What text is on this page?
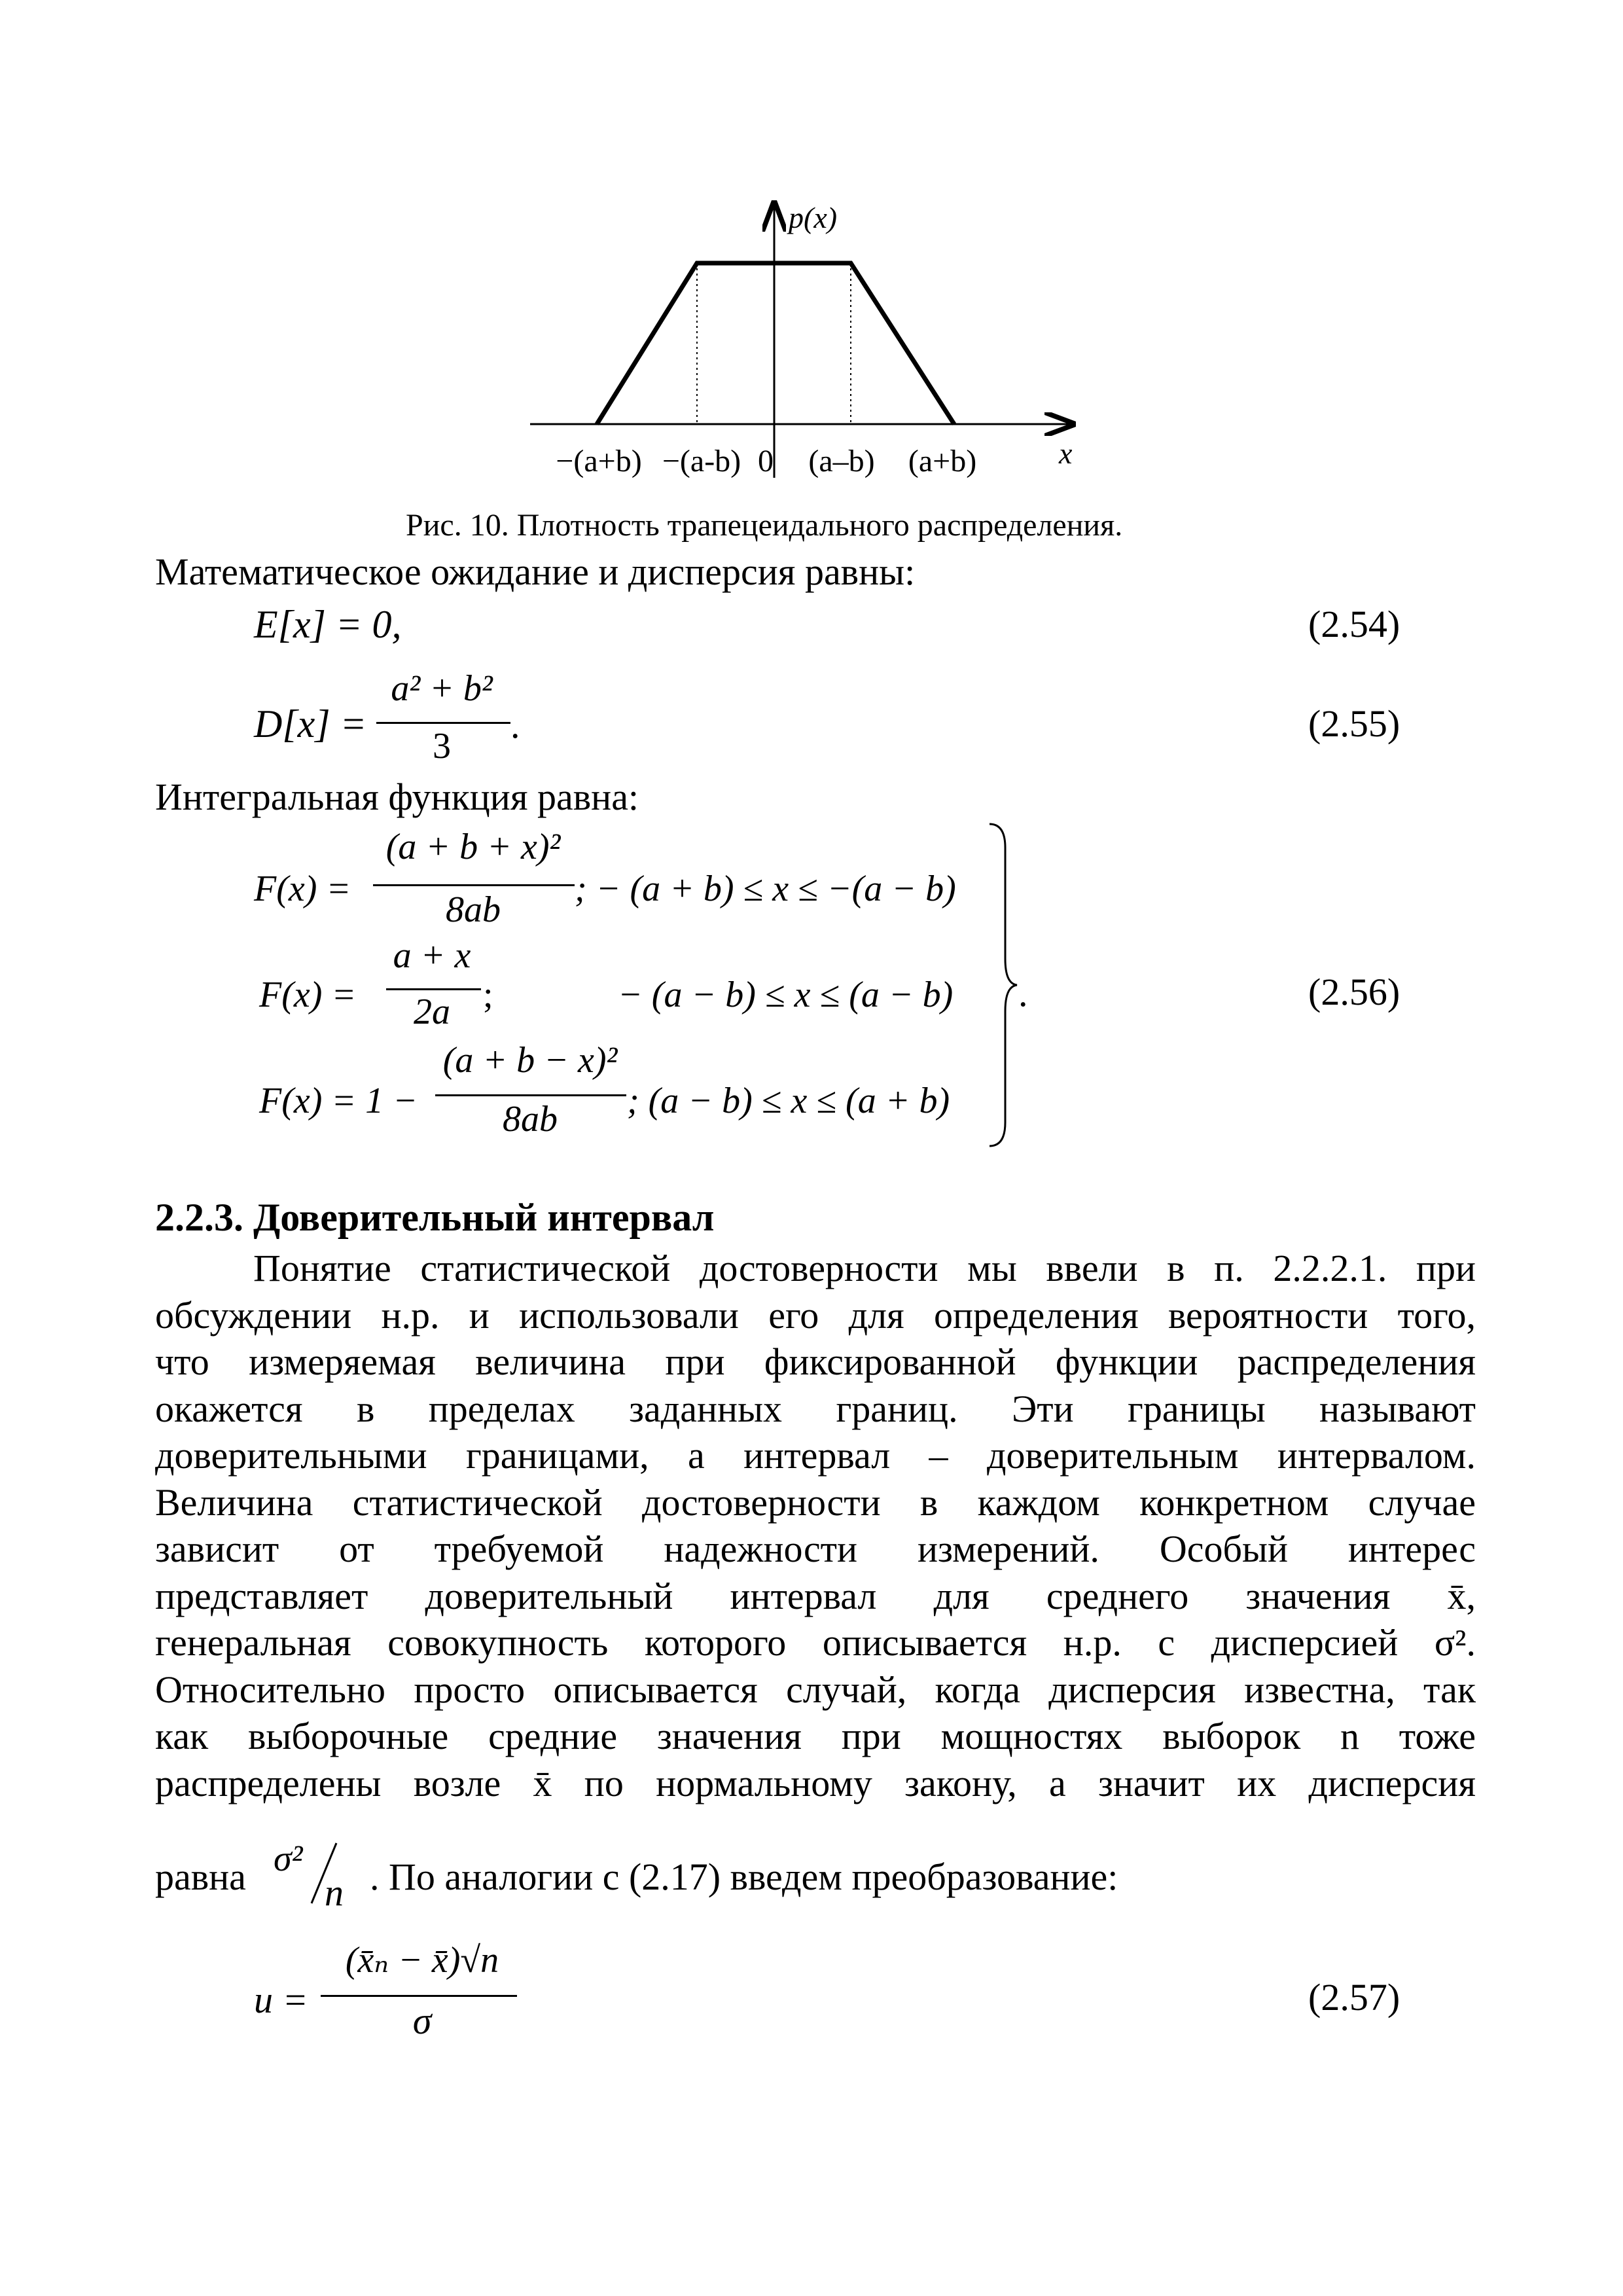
p(x)
x
−(a+b) −(a-b) 0 (a–b) (a+b)
Рис. 10. Плотность трапецеидального распределения.
Математическое ожидание и дисперсия равны:
E[x] = 0,	(2.54)
D[x] =
a² + b²
3	.	(2.55)
Интегральная функция равна:
F(x) =
(a + b + x)²
8ab
; − (a + b) ≤ x ≤ −(a − b)
F(x) =
a + x
2a ;	− (a − b) ≤ x ≤ (a − b)
F(x) = 1 −
(a + b − x)²
8ab	; (a − b) ≤ x ≤ (a + b)
.	(2.56)
2.2.3. Доверительный интервал
Понятие статистической достоверности мы ввели в п. 2.2.2.1. при
обсуждении н.р. и использовали его для определения вероятности того,
что измеряемая величина при фиксированной функции распределения
окажется в пределах заданных границ. Эти границы называют
доверительными границами, а интервал – доверительным интервалом.
Величина статистической достоверности в каждом конкретном случае
зависит от требуемой надежности измерений. Особый интерес
представляет доверительный интервал для среднего значения x̄,
генеральная совокупность которого описывается н.р. с дисперсией σ².
Относительно просто описывается случай, когда дисперсия известна, так
как выборочные средние значения при мощностях выборок n тоже
распределены возле x̄ по нормальному закону, а значит их дисперсия
равна σ²
n . По аналогии с (2.17) введем преобразование:
u =
(x̄ₙ − x̄)√n
σ
(2.57)
